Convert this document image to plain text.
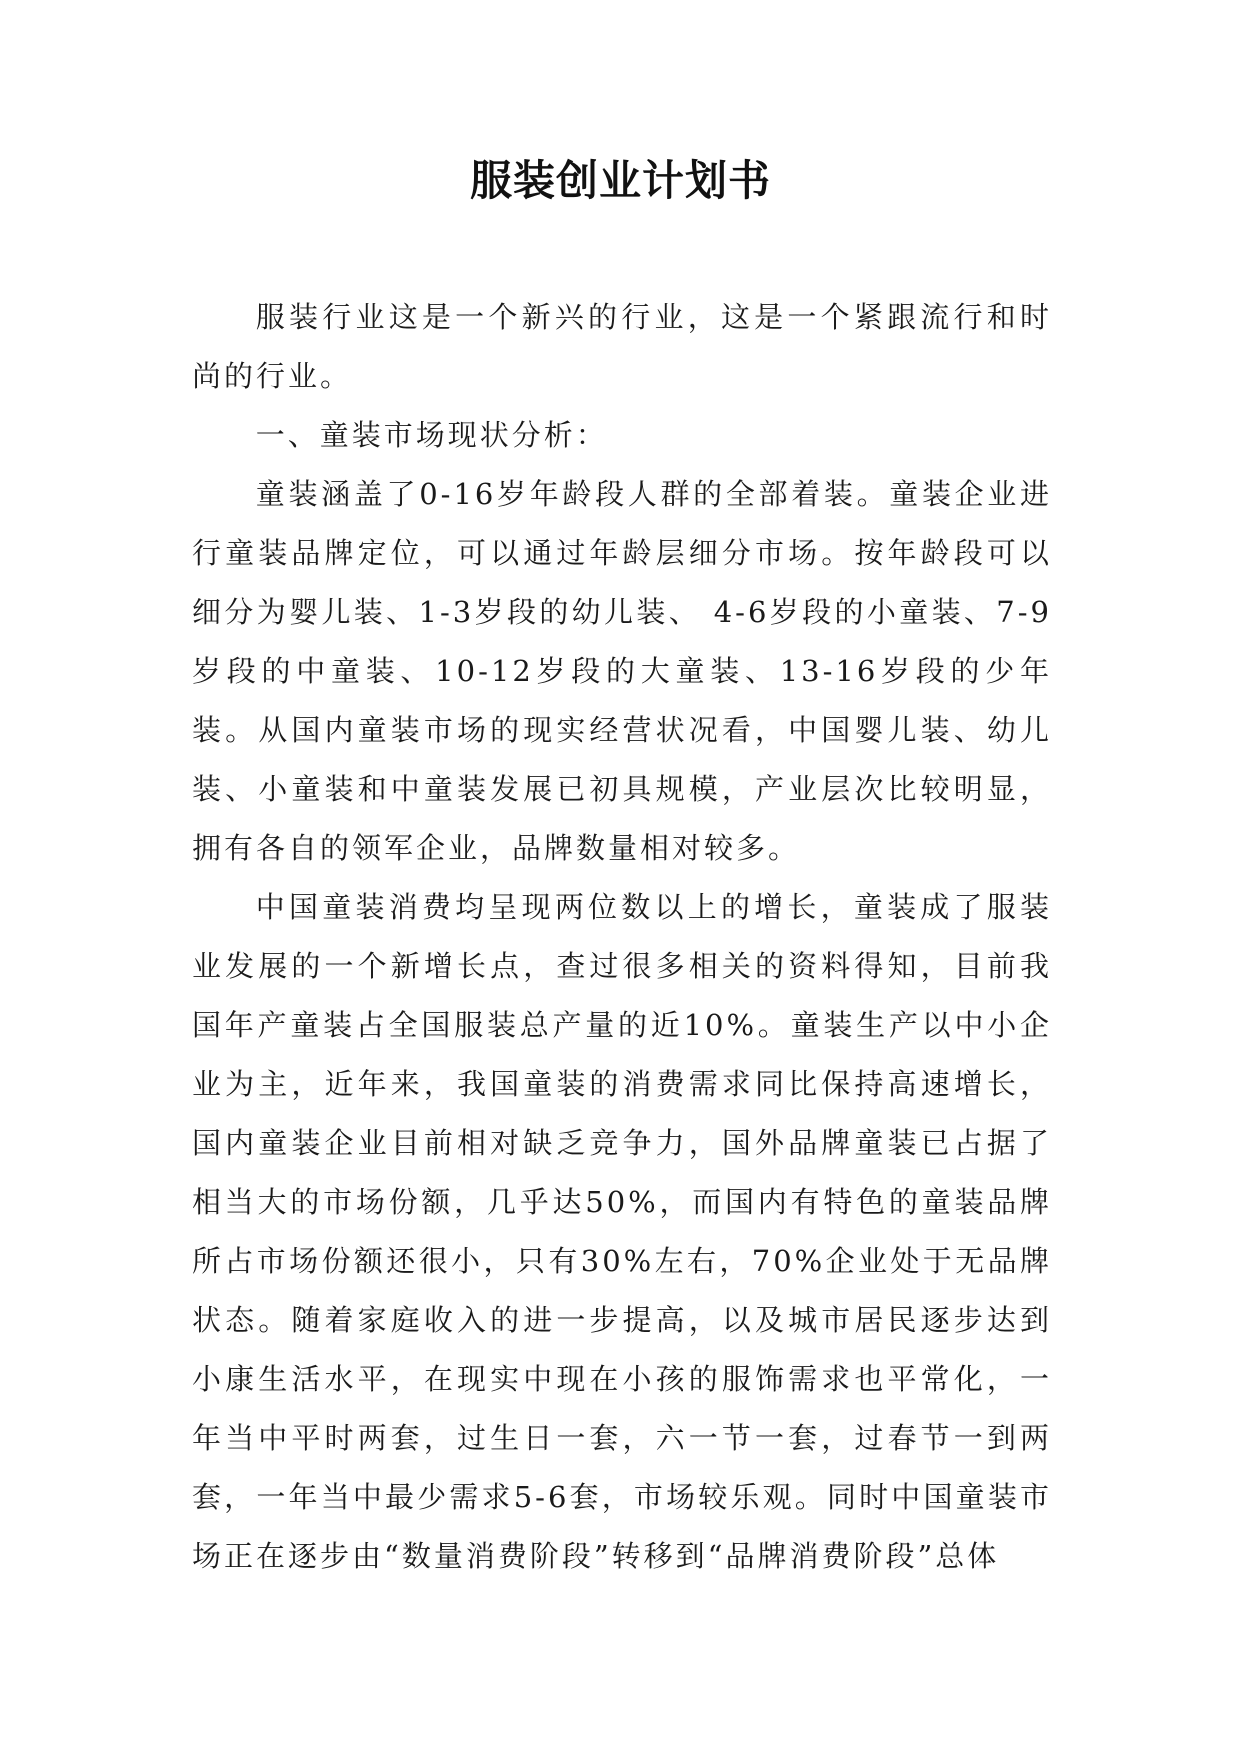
服装创业计划书

服装行业这是一个新兴的行业，这是一个紧跟流行和时尚的行业。

一、童装市场现状分析：

童装涵盖了0-16岁年龄段人群的全部着装。童装企业进行童装品牌定位，可以通过年龄层细分市场。按年龄段可以细分为婴儿装、1-3岁段的幼儿装、 4-6岁段的小童装、7-9岁段的中童装、10-12岁段的大童装、13-16岁段的少年装。从国内童装市场的现实经营状况看，中国婴儿装、幼儿装、小童装和中童装发展已初具规模，产业层次比较明显，拥有各自的领军企业，品牌数量相对较多。

中国童装消费均呈现两位数以上的增长，童装成了服装业发展的一个新增长点，查过很多相关的资料得知，目前我国年产童装占全国服装总产量的近10%。童装生产以中小企业为主，近年来，我国童装的消费需求同比保持高速增长，国内童装企业目前相对缺乏竞争力，国外品牌童装已占据了相当大的市场份额，几乎达50%，而国内有特色的童装品牌所占市场份额还很小，只有30%左右，70%企业处于无品牌状态。随着家庭收入的进一步提高，以及城市居民逐步达到小康生活水平，在现实中现在小孩的服饰需求也平常化，一年当中平时两套，过生日一套，六一节一套，过春节一到两套，一年当中最少需求5-6套，市场较乐观。同时中国童装市场正在逐步由“数量消费阶段”转移到“品牌消费阶段”总体
